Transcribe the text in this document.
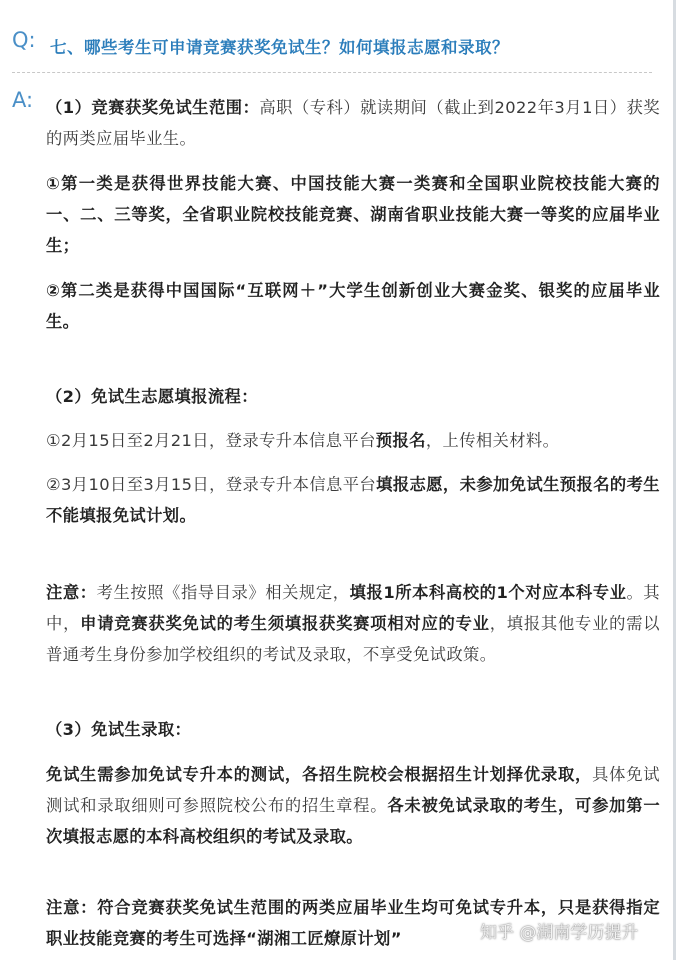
Q: 七、哪些考生可申请竞赛获奖免试生？如何填报志愿和录取？
A: （1）竞赛获奖免试生范围：高职（专科）就读期间（截止到2022年3月1日）获奖的两类应届毕业生。

①第一类是获得世界技能大赛、中国技能大赛一类赛和全国职业院校技能大赛的一、二、三等奖，全省职业院校技能竞赛、湖南省职业技能大赛一等奖的应届毕业生；

②第二类是获得中国国际“互联网＋”大学生创新创业大赛金奖、银奖的应届毕业生。

（2）免试生志愿填报流程：

①2月15日至2月21日，登录专升本信息平台预报名，上传相关材料。

②3月10日至3月15日，登录专升本信息平台填报志愿，未参加免试生预报名的考生不能填报免试计划。

注意：考生按照《指导目录》相关规定，填报1所本科高校的1个对应本科专业。其中，申请竞赛获奖免试的考生须填报获奖赛项相对应的专业，填报其他专业的需以普通考生身份参加学校组织的考试及录取，不享受免试政策。

（3）免试生录取：

免试生需参加免试专升本的测试，各招生院校会根据招生计划择优录取，具体免试测试和录取细则可参照院校公布的招生章程。各未被免试录取的考生，可参加第一次填报志愿的本科高校组织的考试及录取。

注意：符合竞赛获奖免试生范围的两类应届毕业生均可免试专升本，只是获得指定职业技能竞赛的考生可选择“湖湘工匠燎原计划”	知乎 @湖南学历提升
